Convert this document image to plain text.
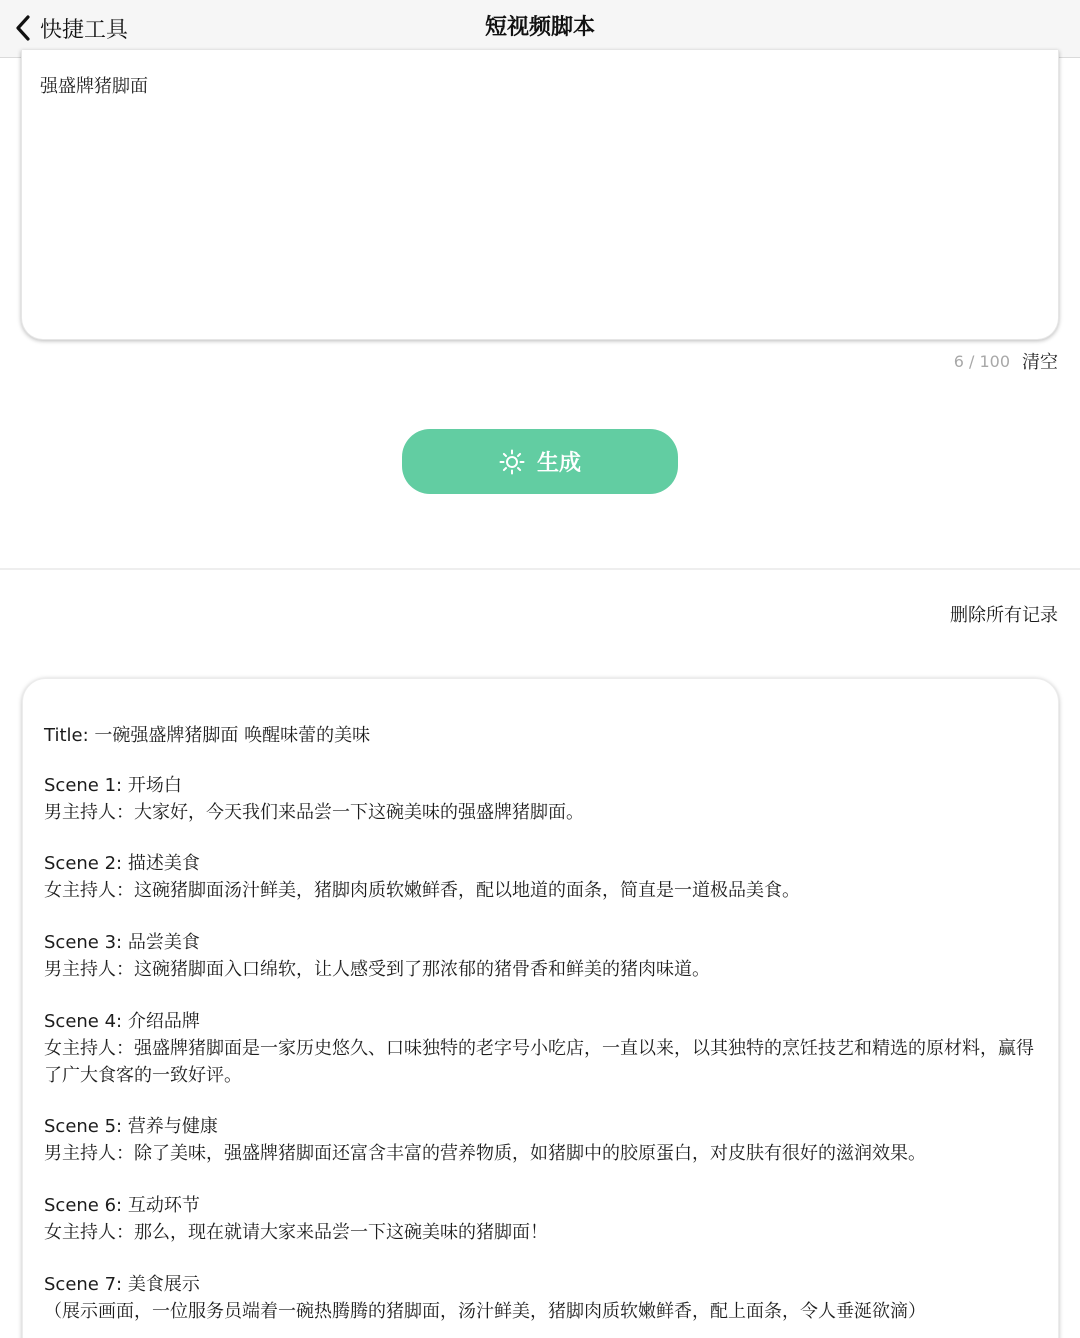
快捷工具	短视频脚本
强盛牌猪脚面
6 / 100 清空
生成
删除所有记录
Title: 一碗强盛牌猪脚面 唤醒味蕾的美味
Scene 1: 开场白
男主持人：大家好，今天我们来品尝一下这碗美味的强盛牌猪脚面。
Scene 2: 描述美食
女主持人：这碗猪脚面汤汁鲜美，猪脚肉质软嫩鲜香，配以地道的面条，简直是一道极品美食。
Scene 3: 品尝美食
男主持人：这碗猪脚面入口绵软，让人感受到了那浓郁的猪骨香和鲜美的猪肉味道。
Scene 4: 介绍品牌
女主持人：强盛牌猪脚面是一家历史悠久、口味独特的老字号小吃店，一直以来，以其独特的烹饪技艺和精选的原材料，赢得了广大食客的一致好评。
Scene 5: 营养与健康
男主持人：除了美味，强盛牌猪脚面还富含丰富的营养物质，如猪脚中的胶原蛋白，对皮肤有很好的滋润效果。
Scene 6: 互动环节
女主持人：那么，现在就请大家来品尝一下这碗美味的猪脚面！
Scene 7: 美食展示
（展示画面，一位服务员端着一碗热腾腾的猪脚面，汤汁鲜美，猪脚肉质软嫩鲜香，配上面条，令人垂涎欲滴）
